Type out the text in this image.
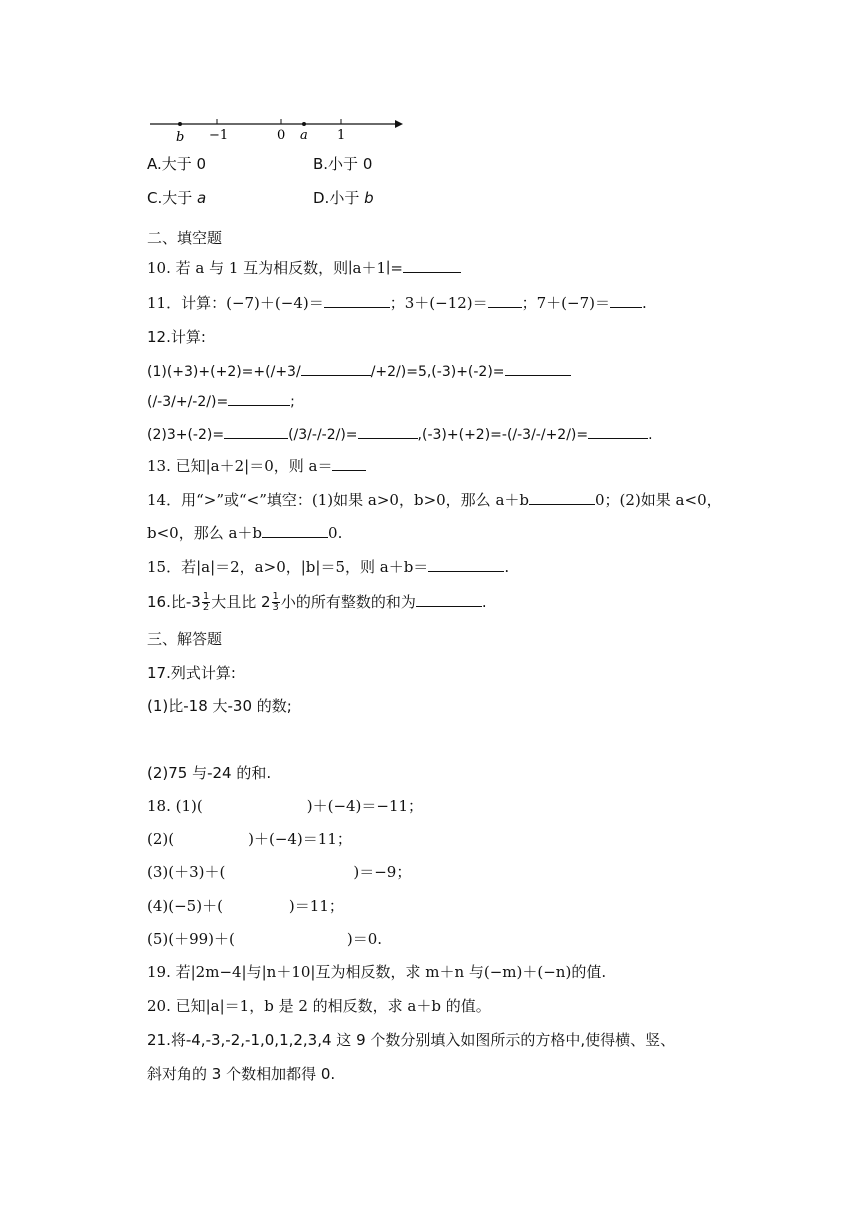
b −1	0 a 1
A.大于 0	B.小于 0
C.大于 a	D.小于 b
二、填空题
10. 若 a 与 1 互为相反数，则∣a＋1∣=
11．计算：(−7)＋(−4)＝	；3＋(−12)＝ ；7＋(−7)＝ .
12.计算:
(1)(+3)+(+2)=+(/+3/	/+2/)=5,(-3)+(-2)=
(/-3/+/-2/)=	;
(2)3+(-2)=	(/3/-/-2/)=	,(-3)+(+2)=-(/-3/-/+2/)=	.
13. 已知|a＋2|＝0，则 a＝
14．用“>”或“<”填空：(1)如果 a>0，b>0，那么 a＋b	0；(2)如果 a<0，
b<0，那么 a＋b	0.
15．若|a|＝2，a>0，|b|＝5，则 a＋b＝	.
16.比$-3 \frac{1}{2}$ 大且比 $2 \frac{1}{3}$ 小的所有整数的和为	.
三、解答题
17.列式计算:
(1)比-18 大-30 的数;
(2)75 与-24 的和.
18. (1)(	)＋(−4)＝−11；
(2)(	)＋(−4)＝11；
(3)(＋3)＋(	)＝−9；
(4)(−5)＋(	)＝11；
(5)(＋99)＋(	)＝0.
19. 若|2m−4|与|n＋10|互为相反数，求 m＋n 与(−m)＋(−n)的值.
20. 已知|a|＝1，b 是 2 的相反数，求 a＋b 的值。
21.将-4,-3,-2,-1,0,1,2,3,4 这 9 个数分别填入如图所示的方格中,使得横、竖、
斜对角的 3 个数相加都得 0.
